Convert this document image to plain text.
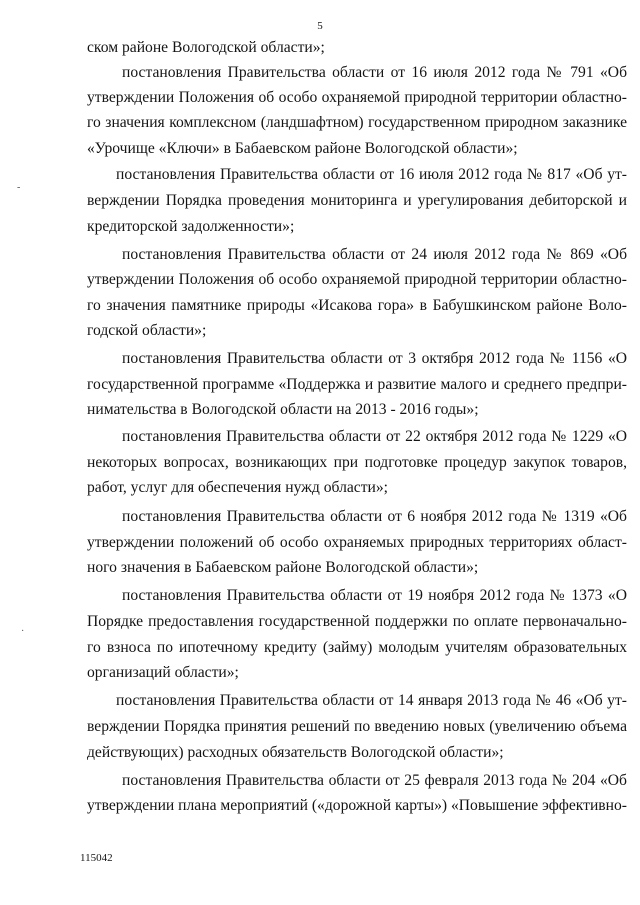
5
ском районе Вологодской области»;
постановления Правительства области от 16 июля 2012 года № 791 «Об
утверждении Положения об особо охраняемой природной территории областно-
го значения комплексном (ландшафтном) государственном природном заказнике
«Урочище «Ключи» в Бабаевском районе Вологодской области»;
постановления Правительства области от 16 июля 2012 года № 817 «Об ут-
верждении Порядка проведения мониторинга и урегулирования дебиторской и
кредиторской задолженности»;
постановления Правительства области от 24 июля 2012 года № 869 «Об
утверждении Положения об особо охраняемой природной территории областно-
го значения памятнике природы «Исакова гора» в Бабушкинском районе Воло-
годской области»;
постановления Правительства области от 3 октября 2012 года № 1156 «О
государственной программе «Поддержка и развитие малого и среднего предпри-
нимательства в Вологодской области на 2013 - 2016 годы»;
постановления Правительства области от 22 октября 2012 года № 1229 «О
некоторых вопросах, возникающих при подготовке процедур закупок товаров,
работ, услуг для обеспечения нужд области»;
постановления Правительства области от 6 ноября 2012 года № 1319 «Об
утверждении положений об особо охраняемых природных территориях област-
ного значения в Бабаевском районе Вологодской области»;
постановления Правительства области от 19 ноября 2012 года № 1373 «О
Порядке предоставления государственной поддержки по оплате первоначально-
го взноса по ипотечному кредиту (займу) молодым учителям образовательных
организаций области»;
постановления Правительства области от 14 января 2013 года № 46 «Об ут-
верждении Порядка принятия решений по введению новых (увеличению объема
действующих) расходных обязательств Вологодской области»;
постановления Правительства области от 25 февраля 2013 года № 204 «Об
утверждении плана мероприятий («дорожной карты») «Повышение эффективно-
-
·
115042
